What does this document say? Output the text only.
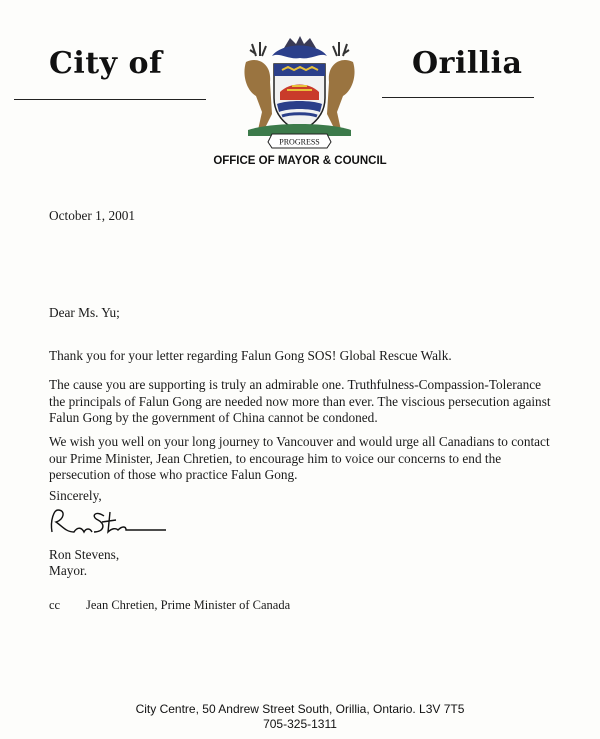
City of
PROGRESS
Orillia
OFFICE OF MAYOR & COUNCIL
October 1, 2001
Dear Ms. Yu;
Thank you for your letter regarding Falun Gong SOS! Global Rescue Walk.
The cause you are supporting is truly an admirable one. Truthfulness-Compassion-Tolerance the principals of Falun Gong are needed now more than ever. The viscious persecution against Falun Gong by the government of China cannot be condoned.
We wish you well on your long journey to Vancouver and would urge all Canadians to contact our Prime Minister, Jean Chretien, to encourage him to voice our concerns to end the persecution of those who practice Falun Gong.
Sincerely,
Ron Stevens,
Mayor.
cc Jean Chretien, Prime Minister of Canada
City Centre, 50 Andrew Street South, Orillia, Ontario. L3V 7T5
705-325-1311
